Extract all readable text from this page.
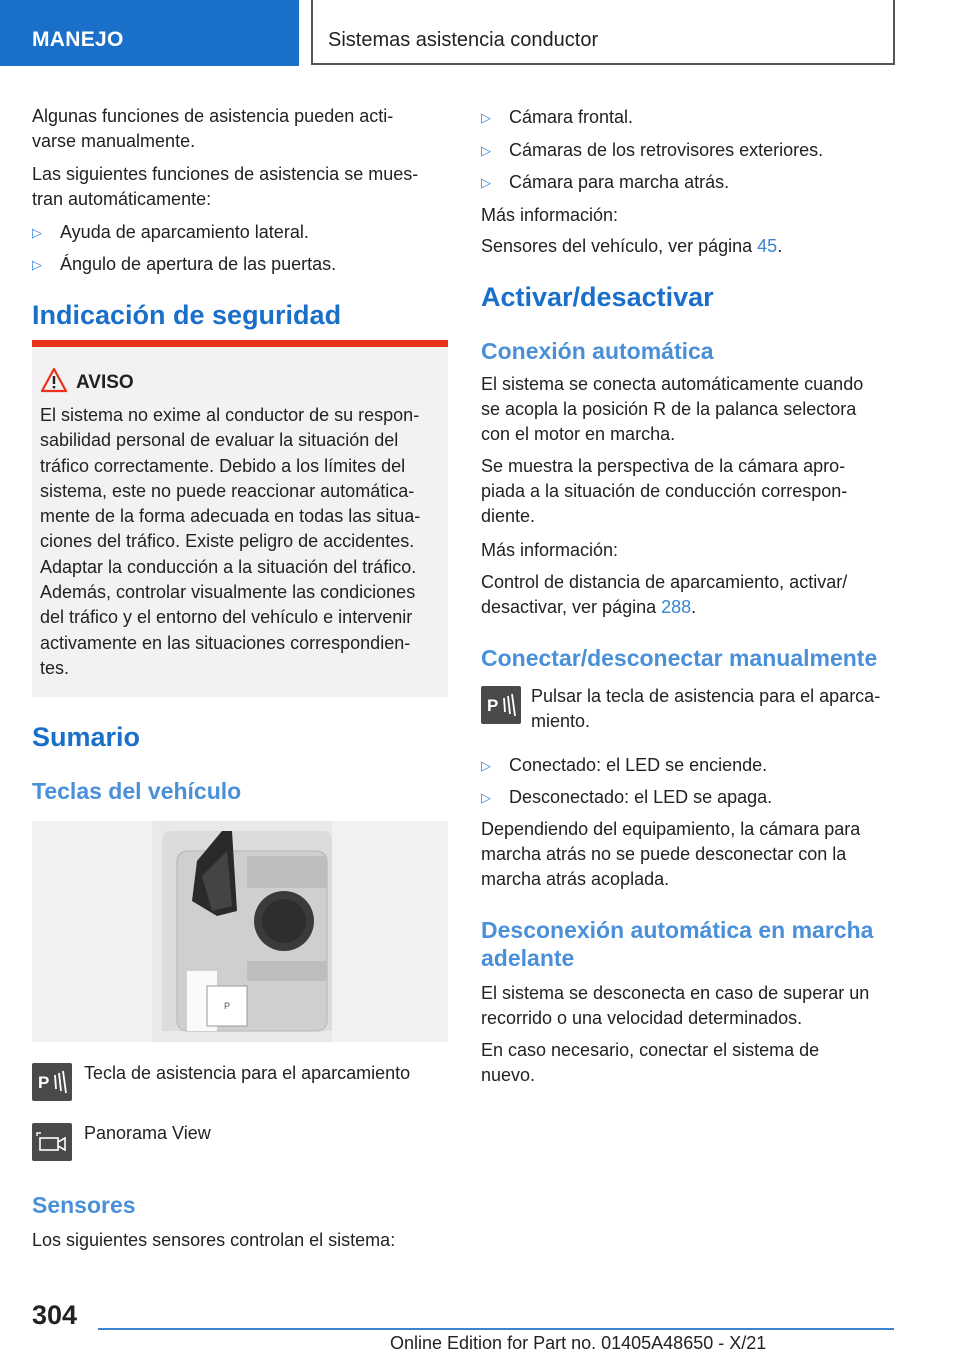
MANEJO	Sistemas asistencia conductor

Algunas funciones de asistencia pueden acti-
varse manualmente.

Las siguientes funciones de asistencia se mues-
tran automáticamente:

▷ Ayuda de aparcamiento lateral.
▷ Ángulo de apertura de las puertas.
Indicación de seguridad
AVISO
El sistema no exime al conductor de su respon-
sabilidad personal de evaluar la situación del
tráfico correctamente. Debido a los límites del
sistema, este no puede reaccionar automática-
mente de la forma adecuada en todas las situa-
ciones del tráfico. Existe peligro de accidentes.
Adaptar la conducción a la situación del tráfico.
Además, controlar visualmente las condiciones
del tráfico y el entorno del vehículo e intervenir
activamente en las situaciones correspondien-
tes.
Sumario
Teclas del vehículo
P
P Tecla de asistencia para el aparcamiento

Panorama View

Sensores

Los siguientes sensores controlan el sistema:

▷ Cámara frontal.
▷ Cámaras de los retrovisores exteriores.
▷ Cámara para marcha atrás.

Más información:

Sensores del vehículo, ver página 45.

Activar/desactivar
Conexión automática

El sistema se conecta automáticamente cuando
se acopla la posición R de la palanca selectora
con el motor en marcha.

Se muestra la perspectiva de la cámara apro-
piada a la situación de conducción correspon-
diente.

Más información:

Control de distancia de aparcamiento, activar/
desactivar, ver página 288.

Conectar/desconectar manualmente
P Pulsar la tecla de asistencia para el aparca-
miento.

▷ Conectado: el LED se enciende.
▷ Desconectado: el LED se apaga.

Dependiendo del equipamiento, la cámara para
marcha atrás no se puede desconectar con la
marcha atrás acoplada.

Desconexión automática en marcha
adelante

El sistema se desconecta en caso de superar un
recorrido o una velocidad determinados.

En caso necesario, conectar el sistema de
nuevo.

304
Online Edition for Part no. 01405A48650 - X/21
